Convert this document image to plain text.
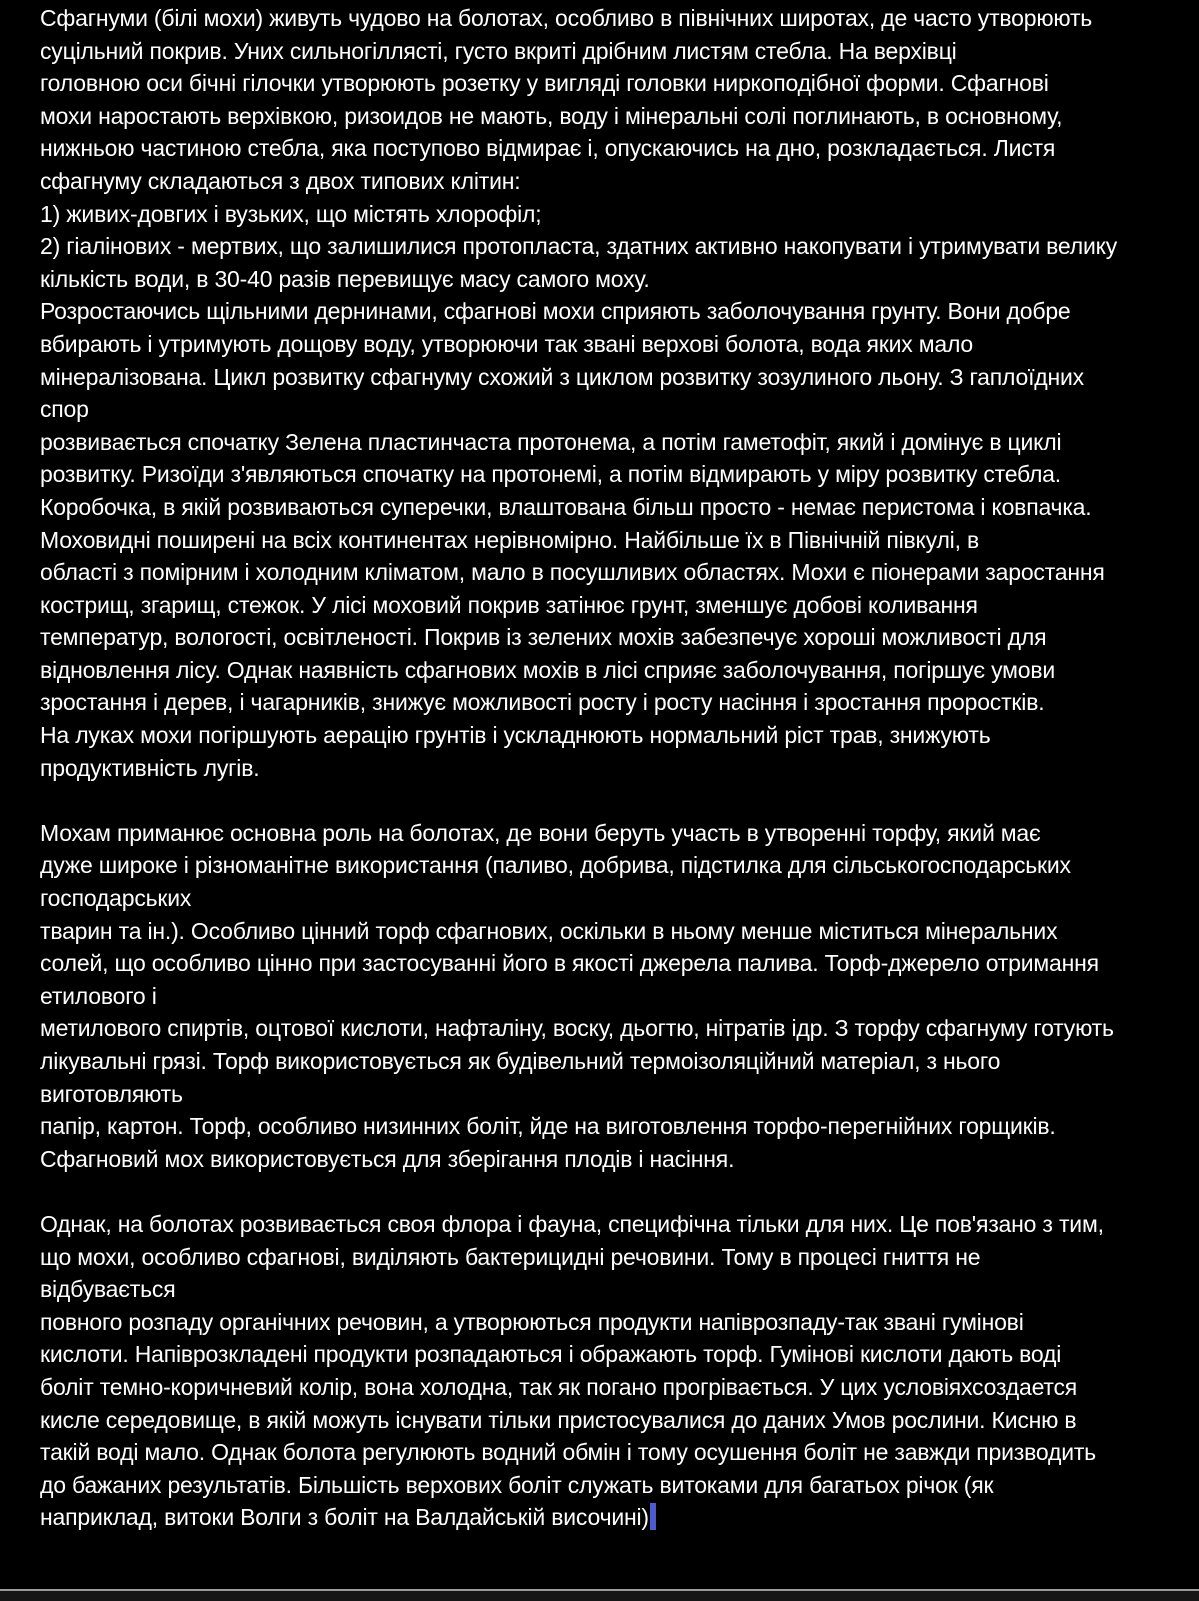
Сфагнуми (білі мохи) живуть чудово на болотах, особливо в північних широтах, де часто утворюють
суцільний покрив. Уних сильногіллясті, густо вкриті дрібним листям стебла. На верхівці
головною оси бічні гілочки утворюють розетку у вигляді головки ниркоподібної форми. Сфагнові
мохи наростають верхівкою, ризоидов не мають, воду і мінеральні солі поглинають, в основному,
нижньою частиною стебла, яка поступово відмирає і, опускаючись на дно, розкладається. Листя
сфагнуму складаються з двох типових клітин:
1) живих-довгих і вузьких, що містять хлорофіл;
2) гіалінових - мертвих, що залишилися протопласта, здатних активно накопувати і утримувати велику
кількість води, в 30-40 разів перевищує масу самого моху.
Розростаючись щільними дернинами, сфагнові мохи сприяють заболочування грунту. Вони добре
вбирають і утримують дощову воду, утворюючи так звані верхові болота, вода яких мало
мінералізована. Цикл розвитку сфагнуму схожий з циклом розвитку зозулиного льону. З гаплоїдних
спор
розвивається спочатку Зелена пластинчаста протонема, а потім гаметофіт, який і домінує в циклі
розвитку. Ризоїди з'являються спочатку на протонемі, а потім відмирають у міру розвитку стебла.
Коробочка, в якій розвиваються суперечки, влаштована більш просто - немає перистома і ковпачка.
Моховидні поширені на всіх континентах нерівномірно. Найбільше їх в Північній півкулі, в
області з помірним і холодним кліматом, мало в посушливих областях. Мохи є піонерами заростання
кострищ, згарищ, стежок. У лісі моховий покрив затінює грунт, зменшує добові коливання
температур, вологості, освітленості. Покрив із зелених мохів забезпечує хороші можливості для
відновлення лісу. Однак наявність сфагнових мохів в лісі сприяє заболочування, погіршує умови
зростання і дерев, і чагарників, знижує можливості росту і росту насіння і зростання проростків.
На луках мохи погіршують аерацію грунтів і ускладнюють нормальний ріст трав, знижують
продуктивність лугів.

Мохам приманює основна роль на болотах, де вони беруть участь в утворенні торфу, який має
дуже широке і різноманітне використання (паливо, добрива, підстилка для сільськогосподарських
господарських
тварин та ін.). Особливо цінний торф сфагнових, оскільки в ньому менше міститься мінеральних
солей, що особливо цінно при застосуванні його в якості джерела палива. Торф-джерело отримання
етилового і
метилового спиртів, оцтової кислоти, нафталіну, воску, дьогтю, нітратів ідр. З торфу сфагнуму готують
лікувальні грязі. Торф використовується як будівельний термоізоляційний матеріал, з нього
виготовляють
папір, картон. Торф, особливо низинних боліт, йде на виготовлення торфо-перегнійних горщиків.
Сфагновий мох використовується для зберігання плодів і насіння.

Однак, на болотах розвивається своя флора і фауна, специфічна тільки для них. Це пов'язано з тим,
що мохи, особливо сфагнові, виділяють бактерицидні речовини. Тому в процесі гниття не
відбувається
повного розпаду органічних речовин, а утворюються продукти напіврозпаду-так звані гумінові
кислоти. Напіврозкладені продукти розпадаються і ображають торф. Гумінові кислоти дають воді
боліт темно-коричневий колір, вона холодна, так як погано прогрівається. У цих условіяхсоздается
кисле середовище, в якій можуть існувати тільки пристосувалися до даних Умов рослини. Кисню в
такій воді мало. Однак болота регулюють водний обмін і тому осушення боліт не завжди призводить
до бажаних результатів. Більшість верхових боліт служать витоками для багатьох річок (як
наприклад, витоки Волги з боліт на Валдайській височині)
